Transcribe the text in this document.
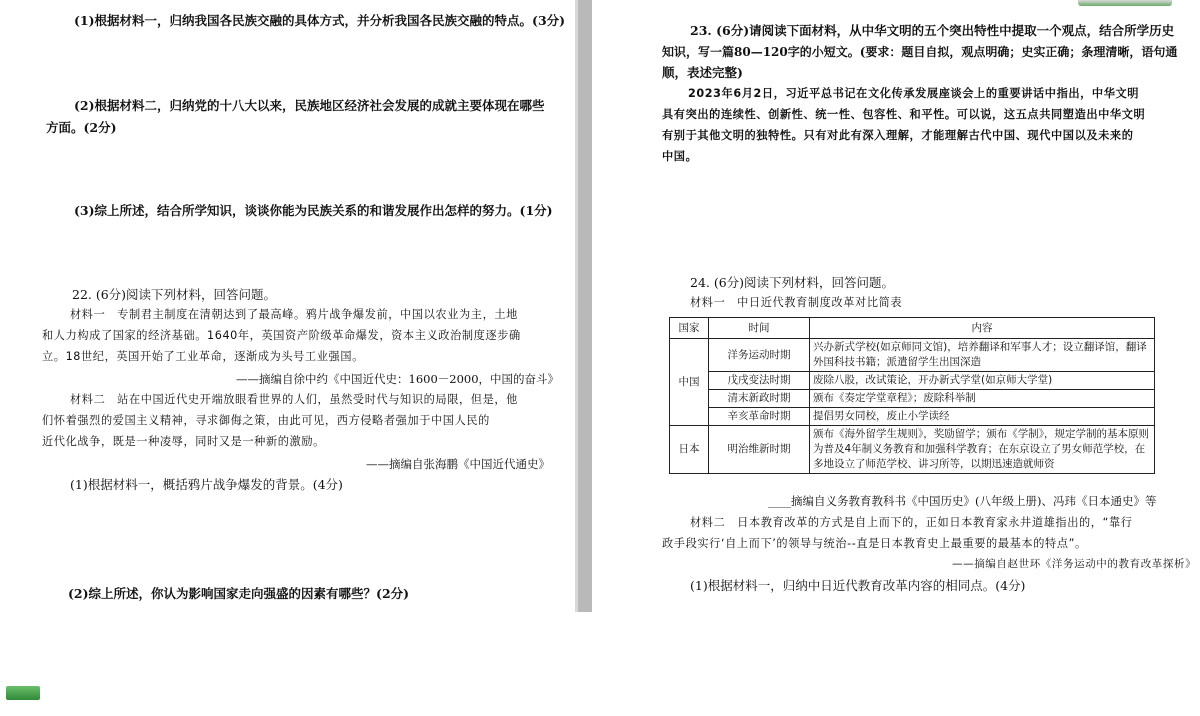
(1)根据材料一，归纳我国各民族交融的具体方式，并分析我国各民族交融的特点。(3分)
(2)根据材料二，归纳党的十八大以来，民族地区经济社会发展的成就主要体现在哪些
方面。(2分)
(3)综上所述，结合所学知识，谈谈你能为民族关系的和谐发展作出怎样的努力。(1分)
22. (6分)阅读下列材料，回答问题。
材料一　专制君主制度在清朝达到了最高峰。鸦片战争爆发前，中国以农业为主，土地
和人力构成了国家的经济基础。1640年，英国资产阶级革命爆发，资本主义政治制度逐步确
立。18世纪，英国开始了工业革命，逐渐成为头号工业强国。
——摘编自徐中约《中国近代史：1600－2000，中国的奋斗》
材料二　站在中国近代史开端放眼看世界的人们，虽然受时代与知识的局限，但是，他
们怀着强烈的爱国主义精神，寻求御侮之策，由此可见，西方侵略者强加于中国人民的
近代化战争，既是一种凌辱，同时又是一种新的激励。
——摘编自张海鹏《中国近代通史》
(1)根据材料一，概括鸦片战争爆发的背景。(4分)
(2)综上所述，你认为影响国家走向强盛的因素有哪些？(2分)
23. (6分)请阅读下面材料，从中华文明的五个突出特性中提取一个观点，结合所学历史
知识，写一篇80—120字的小短文。(要求：题目自拟，观点明确；史实正确；条理清晰，语句通
顺，表述完整)
2023年6月2日，习近平总书记在文化传承发展座谈会上的重要讲话中指出，中华文明
具有突出的连续性、创新性、统一性、包容性、和平性。可以说，这五点共同塑造出中华文明
有别于其他文明的独特性。只有对此有深入理解，才能理解古代中国、现代中国以及未来的
中国。
24. (6分)阅读下列材料，回答问题。
材料一　中日近代教育制度改革对比简表
国家	时间	内容
中国	洋务运动时期	兴办新式学校(如京师同文馆)，培养翻译和军事人才；设立翻译馆，翻译外国科技书籍；派遣留学生出国深造
	戊戌变法时期	废除八股，改试策论，开办新式学堂(如京师大学堂)
	清末新政时期	颁布《奏定学堂章程》；废除科举制
	辛亥革命时期	提倡男女同校，废止小学读经
日本	明治维新时期	颁布《海外留学生规则》，奖励留学；颁布《学制》，规定学制的基本原则为普及4年制义务教育和加强科学教育；在东京设立了男女师范学校，在多地设立了师范学校、讲习所等，以期迅速造就师资
____摘编自义务教育教科书《中国历史》(八年级上册)、冯玮《日本通史》等
材料二　日本教育改革的方式是自上而下的，正如日本教育家永井道雄指出的，“靠行
政手段实行‘自上而下’的领导与统治--直是日本教育史上最重要的最基本的特点”。
——摘编自赵世环《洋务运动中的教育改革探析》
(1)根据材料一，归纳中日近代教育改革内容的相同点。(4分)
